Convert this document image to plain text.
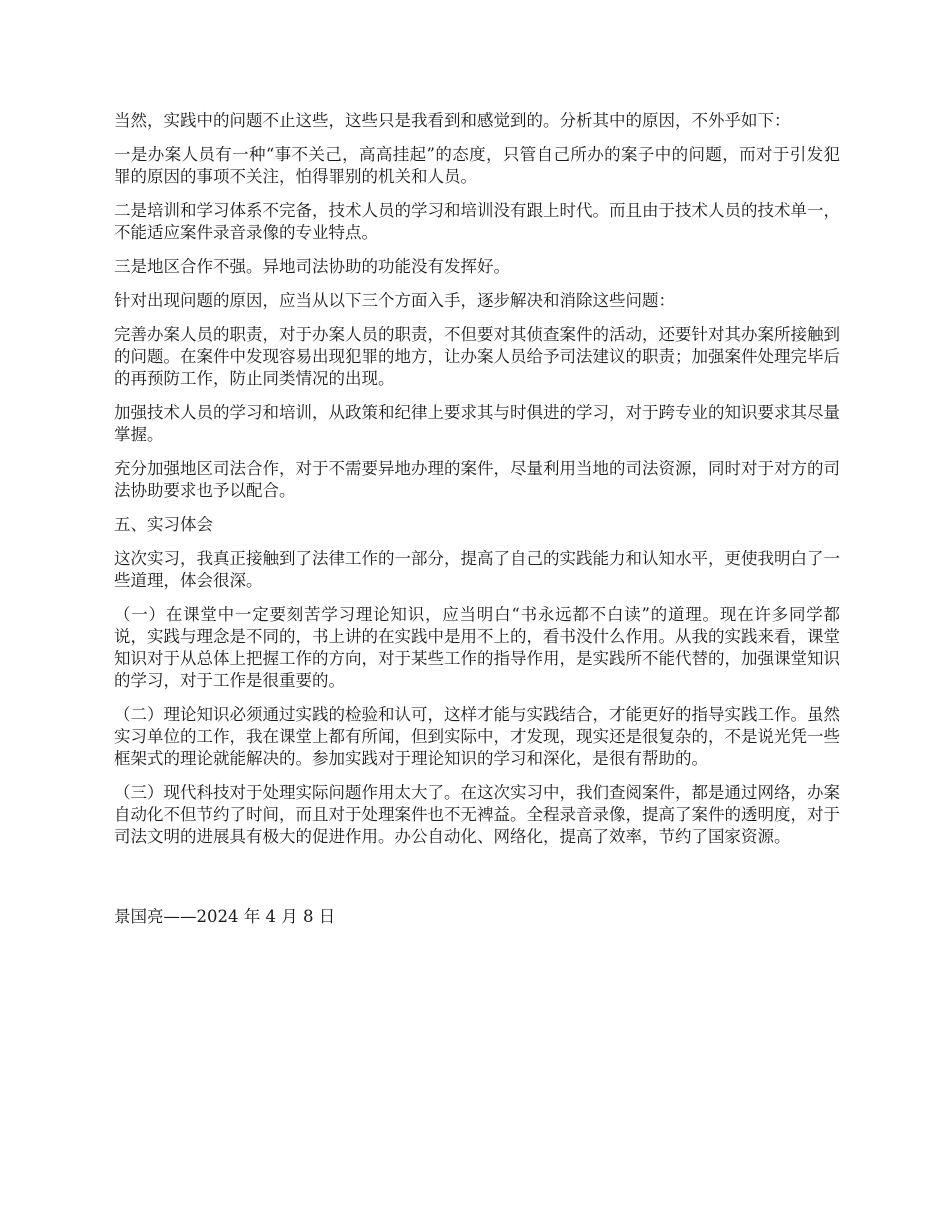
当然，实践中的问题不止这些，这些只是我看到和感觉到的。分析其中的原因，不外乎如下：

一是办案人员有一种“事不关己，高高挂起”的态度，只管自己所办的案子中的问题，而对于引发犯罪的原因的事项不关注，怕得罪别的机关和人员。

二是培训和学习体系不完备，技术人员的学习和培训没有跟上时代。而且由于技术人员的技术单一，不能适应案件录音录像的专业特点。

三是地区合作不强。异地司法协助的功能没有发挥好。

针对出现问题的原因，应当从以下三个方面入手，逐步解决和消除这些问题：

完善办案人员的职责，对于办案人员的职责，不但要对其侦查案件的活动，还要针对其办案所接触到的问题。在案件中发现容易出现犯罪的地方，让办案人员给予司法建议的职责；加强案件处理完毕后的再预防工作，防止同类情况的出现。

加强技术人员的学习和培训，从政策和纪律上要求其与时俱进的学习，对于跨专业的知识要求其尽量掌握。

充分加强地区司法合作，对于不需要异地办理的案件，尽量利用当地的司法资源，同时对于对方的司法协助要求也予以配合。

五、实习体会

这次实习，我真正接触到了法律工作的一部分，提高了自己的实践能力和认知水平，更使我明白了一些道理，体会很深。

（一）在课堂中一定要刻苦学习理论知识，应当明白“书永远都不白读”的道理。现在许多同学都说，实践与理念是不同的，书上讲的在实践中是用不上的，看书没什么作用。从我的实践来看，课堂知识对于从总体上把握工作的方向，对于某些工作的指导作用，是实践所不能代替的，加强课堂知识的学习，对于工作是很重要的。

（二）理论知识必须通过实践的检验和认可，这样才能与实践结合，才能更好的指导实践工作。虽然实习单位的工作，我在课堂上都有所闻，但到实际中，才发现，现实还是很复杂的，不是说光凭一些框架式的理论就能解决的。参加实践对于理论知识的学习和深化，是很有帮助的。

（三）现代科技对于处理实际问题作用太大了。在这次实习中，我们查阅案件，都是通过网络，办案自动化不但节约了时间，而且对于处理案件也不无裨益。全程录音录像，提高了案件的透明度，对于司法文明的进展具有极大的促进作用。办公自动化、网络化，提高了效率，节约了国家资源。

景国亮——2024 年 4 月 8 日
